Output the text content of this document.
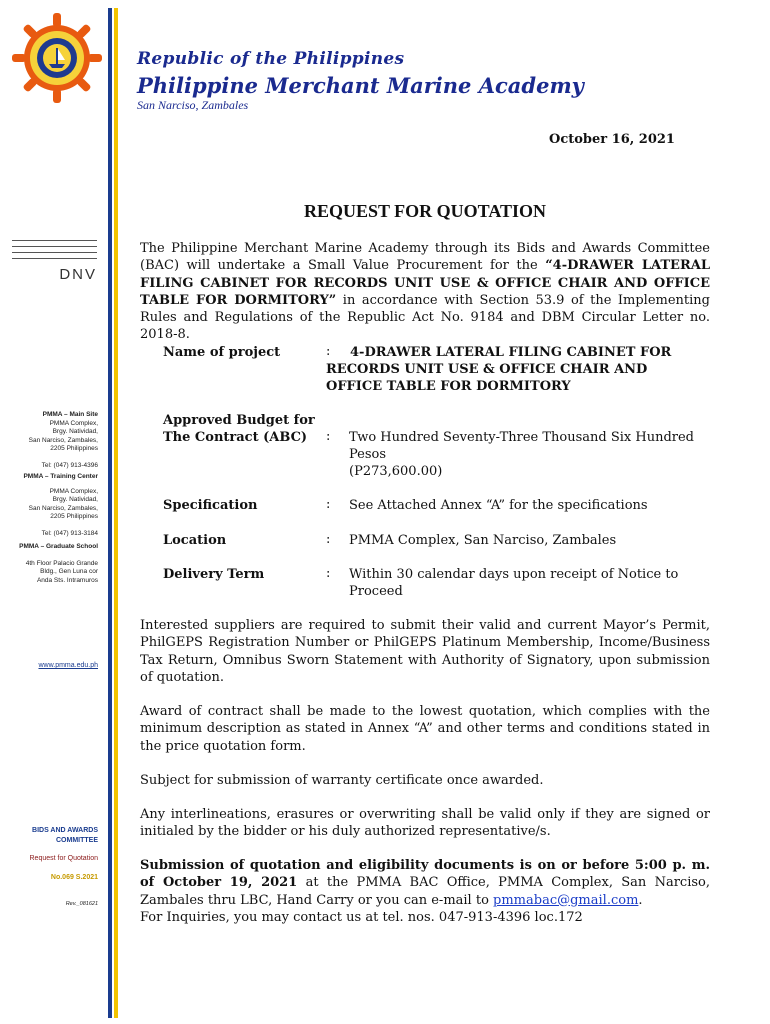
DNV
PMMA – Main Site
PMMA Complex,
Brgy. Natividad,
San Narciso, Zambales,
2205 Philippines
Tel: (047) 913-4396
PMMA – Training Center
PMMA Complex,
Brgy. Natividad,
San Narciso, Zambales,
2205 Philippines
Tel: (047) 913-3184
PMMA – Graduate School
4th Floor Palacio Grande
Bldg., Gen Luna cor
Anda Sts. Intramuros
www.pmma.edu.ph
BIDS AND AWARDS
COMMITTEE
Request for Quotation
No.069 S.2021
Rev._081621
Republic of the Philippines
Philippine Merchant Marine Academy
San Narciso, Zambales
October 16, 2021
REQUEST FOR QUOTATION
The Philippine Merchant Marine Academy through its Bids and Awards Committee (BAC) will undertake a Small Value Procurement for the “4-DRAWER LATERAL FILING CABINET FOR RECORDS UNIT USE & OFFICE CHAIR AND OFFICE TABLE FOR DORMITORY” in accordance with Section 53.9 of the Implementing Rules and Regulations of the Republic Act No. 9184 and DBM Circular Letter no. 2018-8.
Name of project	:	4-DRAWER LATERAL FILING CABINET FOR RECORDS UNIT USE & OFFICE CHAIR AND OFFICE TABLE FOR DORMITORY
Approved Budget for
The Contract (ABC)	: Two Hundred Seventy-Three Thousand Six Hundred Pesos
(P273,600.00)
Specification	: See Attached Annex “A” for the specifications
Location	: PMMA Complex, San Narciso, Zambales
Delivery Term	: Within 30 calendar days upon receipt of Notice to Proceed
Interested suppliers are required to submit their valid and current Mayor’s Permit, PhilGEPS Registration Number or PhilGEPS Platinum Membership, Income/Business Tax Return, Omnibus Sworn Statement with Authority of Signatory, upon submission of quotation.
Award of contract shall be made to the lowest quotation, which complies with the minimum description as stated in Annex “A” and other terms and conditions stated in the price quotation form.
Subject for submission of warranty certificate once awarded.
Any interlineations, erasures or overwriting shall be valid only if they are signed or initialed by the bidder or his duly authorized representative/s.
Submission of quotation and eligibility documents is on or before 5:00 p. m. of October 19, 2021 at the PMMA BAC Office, PMMA Complex, San Narciso, Zambales thru LBC, Hand Carry or you can e-mail to pmmabac@gmail.com.
For Inquiries, you may contact us at tel. nos. 047-913-4396 loc.172
